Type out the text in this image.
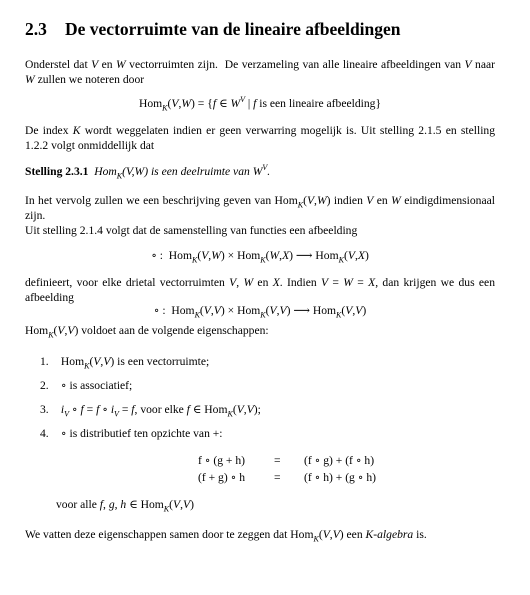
2.3 De vectorruimte van de lineaire afbeeldingen
Onderstel dat V en W vectorruimten zijn.  De verzameling van alle lineaire afbeeldingen van V naar W zullen we noteren door
Hom$_K$(V,W) = {f ∈ $W^V$ | f is een lineaire afbeelding}
De index K wordt weggelaten indien er geen verwarring mogelijk is. Uit stelling 2.1.5 en stelling 1.2.2 volgt onmiddellijk dat
Stelling 2.3.1 Hom$_K$(V,W) is een deelruimte van $W^V$.
In het vervolg zullen we een beschrijving geven van Hom$_K$(V,W) indien V en W eindigdimensionaal zijn.
Uit stelling 2.1.4 volgt dat de samenstelling van functies een afbeelding
∘ :  Hom$_K$(V,W) × Hom$_K$(W,X) ⟶ Hom$_K$(V,X)
definieert, voor elke drietal vectorruimten V, W en X. Indien V = W = X, dan krijgen we dus een afbeelding
∘ :  Hom$_K$(V,V) × Hom$_K$(V,V) ⟶ Hom$_K$(V,V)
Hom$_K$(V,V) voldoet aan de volgende eigenschappen:
1. Hom$_K$(V,V) is een vectorruimte;
2. ∘ is associatief;
3. $i_V$ ∘ f = f ∘ $i_V = f$, voor elke f ∈ Hom$_K$(V,V);
4. ∘ is distributief ten opzichte van +:
f ∘ (g + h)	= (f ∘ g) + (f ∘ h)
(f + g) ∘ h	= (f ∘ h) + (g ∘ h)
voor alle f, g, h ∈ Hom$_K$(V,V)
We vatten deze eigenschappen samen door te zeggen dat Hom$_K$(V,V) een K-algebra is.
